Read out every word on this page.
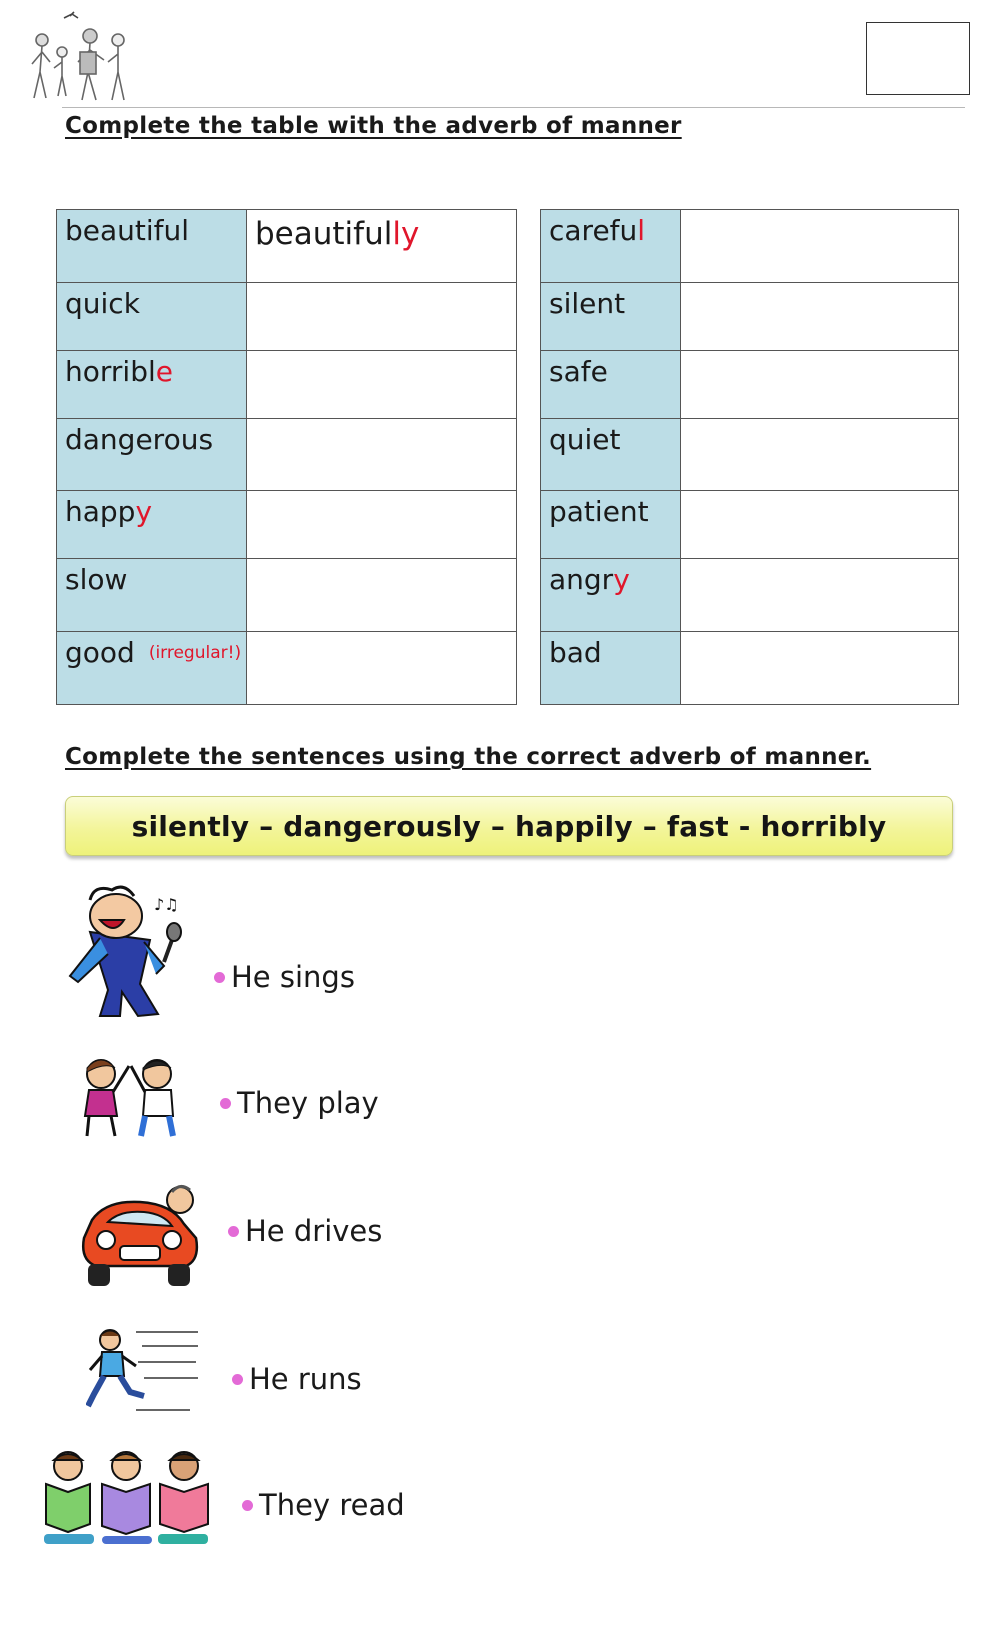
Complete the table with the adverb of manner
beautiful	beautifully
quick	
horrible	
dangerous	
happy	
slow	
good (irregular!)	
careful	
silent	
safe	
quiet	
patient	
angry	
bad	
Complete the sentences using the correct adverb of manner.
silently – dangerously – happily – fast - horribly
♪♫
He sings
They play
He drives
He runs
They read
